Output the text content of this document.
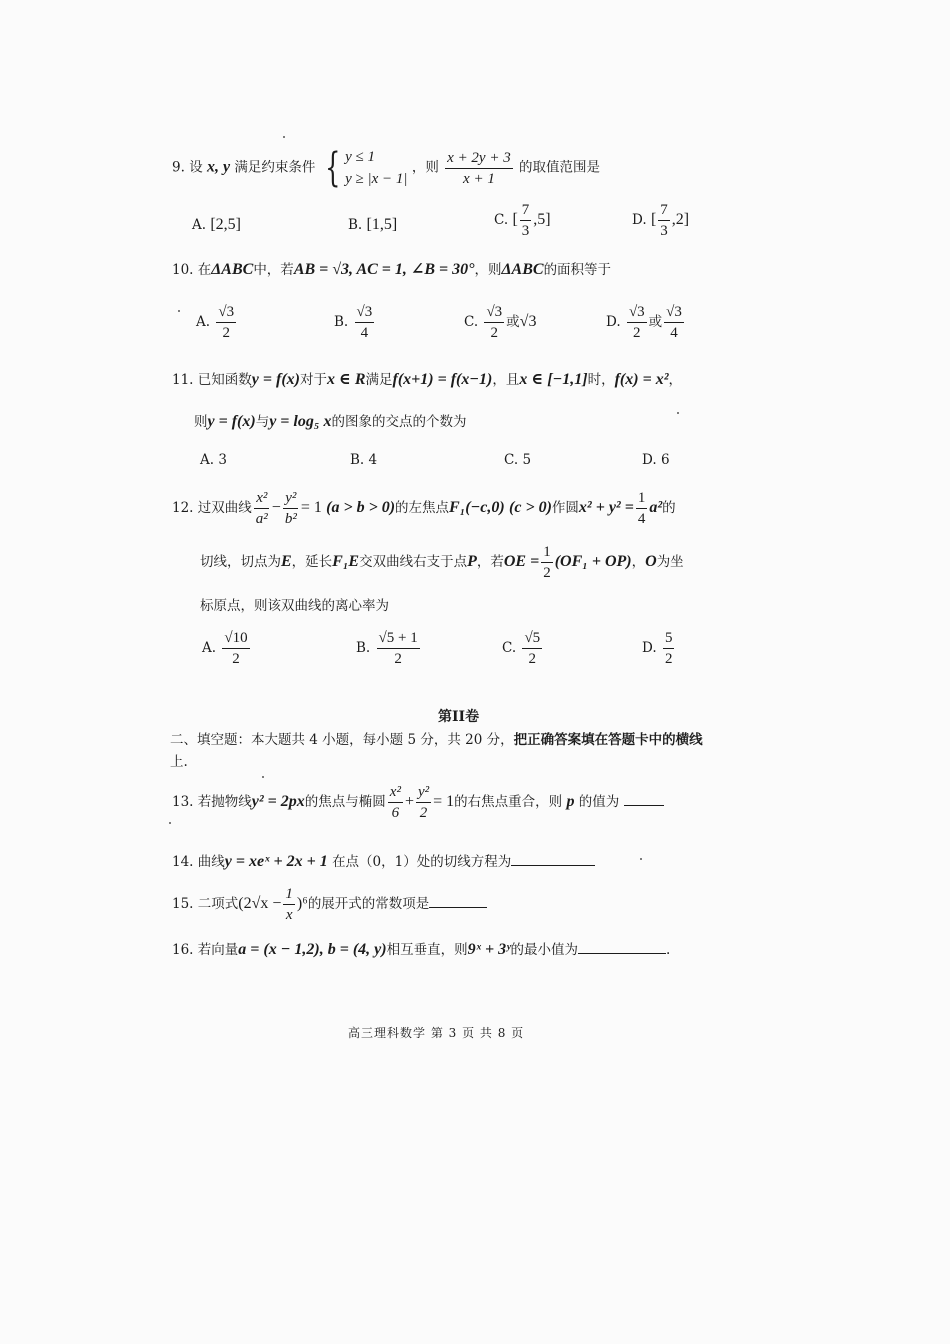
9. 设 x, y 满足约束条件 { y ≤ 1
y ≥ |x − 1|
，则 $\frac{x + 2y + 3}{x + 1}$ 的取值范围是
A. [2,5]	B. [1,5]	C. [ $\frac{7}{3} ,5$]	D. [ $\frac{7}{3} ,2$]
10. 在ΔABC中，若AB = √3, AC = 1, ∠B = 30°，则ΔABC的面积等于
A. $\frac{√3}{2}$	B. $\frac{√3}{4}$	C. $\frac{√3}{2}$ 或√3	D. $\frac{√3}{2}$ 或 $\frac{√3}{4}$
11. 已知函数y = f(x)对于x ∈ R满足f(x+1) = f(x−1)，且x ∈ [−1,1]时，f(x) = x²，
则y = f(x)与y = log₅ x的图象的交点的个数为
A. 3	B. 4	C. 5	D. 6
12. 过双曲线 $\frac{\text{x²}}{\text{a²}} - \frac{\text{y²}}{\text{b²}} = 1$ (a > b > 0)的左焦点F₁(−c,0) (c > 0)作圆$x^2 + y^2 = \frac{1}{4} a^2$的
切线，切点为E，延长F₁E交双曲线右支于点P，若OE = $\frac{1}{2} (OF_1 + OP)$，O为坐
标原点，则该双曲线的离心率为
A. $\frac{√10}{2}$	B. $\frac{√5 + 1}{2}$	C. $\frac{√5}{2}$	D. $\frac{5}{2}$
第II卷
二、填空题：本大题共 4 小题，每小题 5 分，共 20 分，把正确答案填在答题卡中的横线
上.
13. 若抛物线y² = 2px的焦点与椭圆 $\frac{\text{x²}}{6} + \frac{\text{y²}}{2} = 1$的右焦点重合，则 p 的值为
14. 曲线y = xeˣ + 2x + 1 在点（0，1）处的切线方程为
15. 二项式$(2√x - \frac{1}{x} )^6$的展开式的常数项是
16. 若向量a = (x − 1,2), b = (4, y)相互垂直，则9ˣ + 3ʸ的最小值为	.
高三理科数学 第 3 页 共 8 页
